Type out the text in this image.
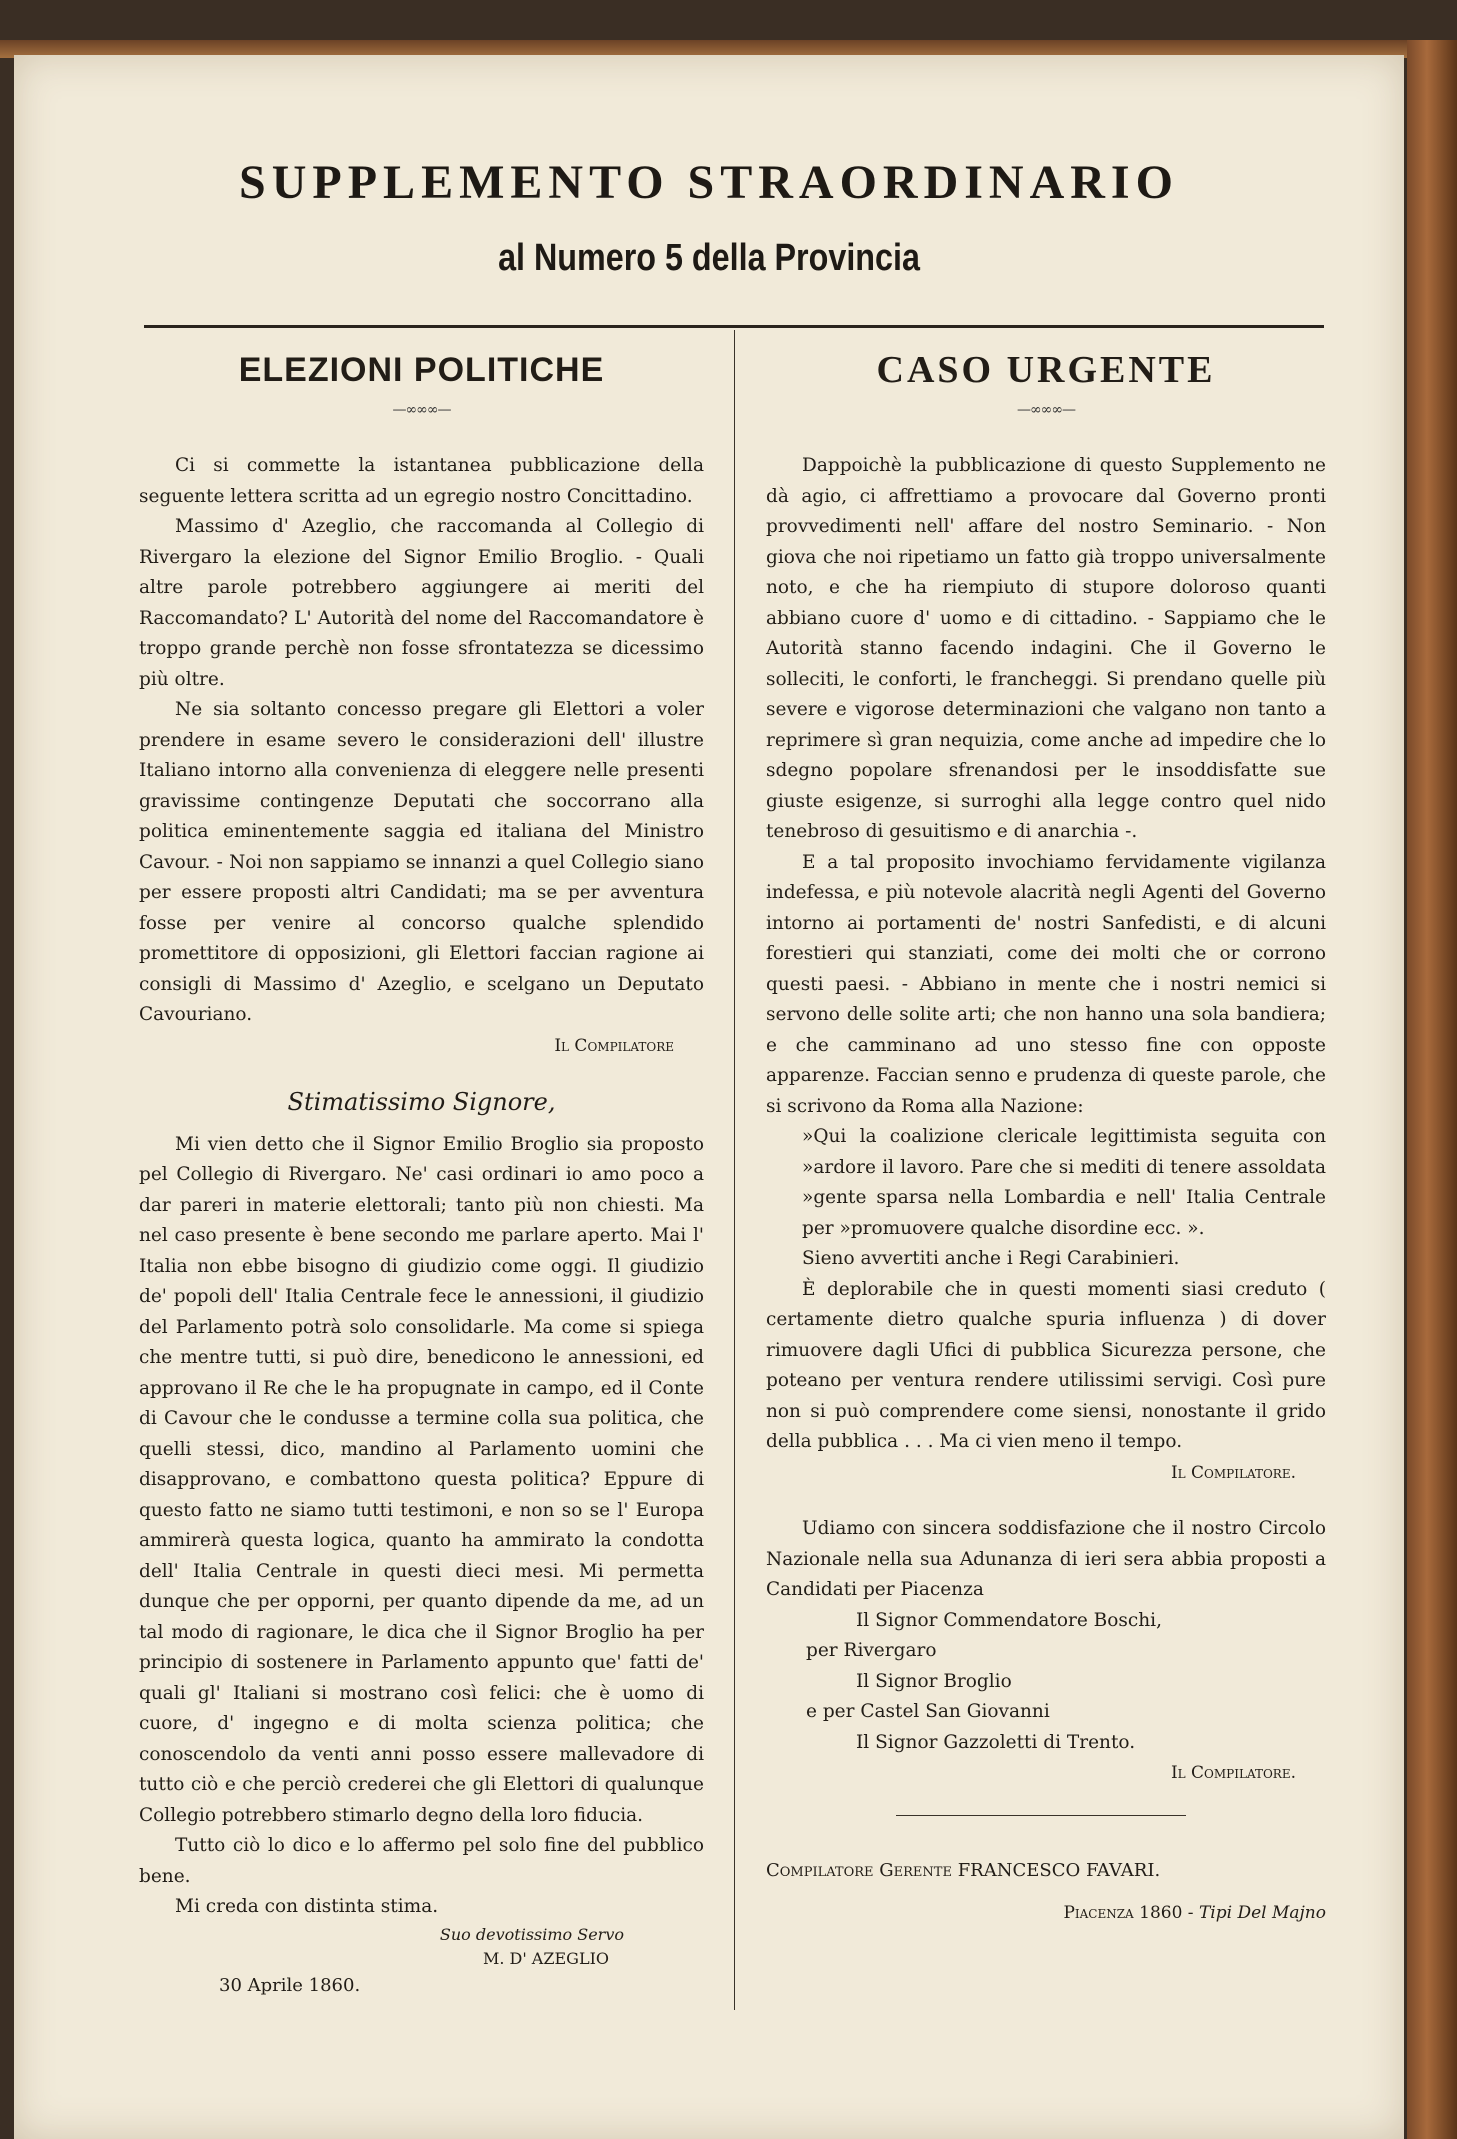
SUPPLEMENTO STRAORDINARIO
al Numero 5 della Provincia
ELEZIONI POLITICHE
—∞∞∞—

Ci si commette la istantanea pubblicazione della seguente lettera scritta ad un egregio nostro Concittadino.

Massimo d' Azeglio, che raccomanda al Collegio di Rivergaro la elezione del Signor Emilio Broglio. - Quali altre parole potrebbero aggiungere ai meriti del Raccomandato? L' Autorità del nome del Raccomandatore è troppo grande perchè non fosse sfrontatezza se dicessimo più oltre.

Ne sia soltanto concesso pregare gli Elettori a voler prendere in esame severo le considerazioni dell' illustre Italiano intorno alla convenienza di eleggere nelle presenti gravissime contingenze Deputati che soccorrano alla politica eminentemente saggia ed italiana del Ministro Cavour. - Noi non sappiamo se innanzi a quel Collegio siano per essere proposti altri Candidati; ma se per avventura fosse per venire al concorso qualche splendido promettitore di opposizioni, gli Elettori faccian ragione ai consigli di Massimo d' Azeglio, e scelgano un Deputato Cavouriano.

Il Compilatore

Stimatissimo Signore,

Mi vien detto che il Signor Emilio Broglio sia proposto pel Collegio di Rivergaro. Ne' casi ordinari io amo poco a dar pareri in materie elettorali; tanto più non chiesti. Ma nel caso presente è bene secondo me parlare aperto. Mai l' Italia non ebbe bisogno di giudizio come oggi. Il giudizio de' popoli dell' Italia Centrale fece le annessioni, il giudizio del Parlamento potrà solo consolidarle. Ma come si spiega che mentre tutti, si può dire, benedicono le annessioni, ed approvano il Re che le ha propugnate in campo, ed il Conte di Cavour che le condusse a termine colla sua politica, che quelli stessi, dico, mandino al Parlamento uomini che disapprovano, e combattono questa politica? Eppure di questo fatto ne siamo tutti testimoni, e non so se l' Europa ammirerà questa logica, quanto ha ammirato la condotta dell' Italia Centrale in questi dieci mesi. Mi permetta dunque che per opporni, per quanto dipende da me, ad un tal modo di ragionare, le dica che il Signor Broglio ha per principio di sostenere in Parlamento appunto que' fatti de' quali gl' Italiani si mostrano così felici: che è uomo di cuore, d' ingegno e di molta scienza politica; che conoscendolo da venti anni posso essere mallevadore di tutto ciò e che perciò crederei che gli Elettori di qualunque Collegio potrebbero stimarlo degno della loro fiducia.

Tutto ciò lo dico e lo affermo pel solo fine del pubblico bene.

Mi creda con distinta stima.

Suo devotissimo Servo
M. D' AZEGLIO
30 Aprile 1860.
CASO URGENTE
—∞∞∞—

Dappoichè la pubblicazione di questo Supplemento ne dà agio, ci affrettiamo a provocare dal Governo pronti provvedimenti nell' affare del nostro Seminario. - Non giova che noi ripetiamo un fatto già troppo universalmente noto, e che ha riempiuto di stupore doloroso quanti abbiano cuore d' uomo e di cittadino. - Sappiamo che le Autorità stanno facendo indagini. Che il Governo le solleciti, le conforti, le francheggi. Si prendano quelle più severe e vigorose determinazioni che valgano non tanto a reprimere sì gran nequizia, come anche ad impedire che lo sdegno popolare sfrenandosi per le insoddisfatte sue giuste esigenze, si surroghi alla legge contro quel nido tenebroso di gesuitismo e di anarchia -.

E a tal proposito invochiamo fervidamente vigilanza indefessa, e più notevole alacrità negli Agenti del Governo intorno ai portamenti de' nostri Sanfedisti, e di alcuni forestieri qui stanziati, come dei molti che or corrono questi paesi. - Abbiano in mente che i nostri nemici si servono delle solite arti; che non hanno una sola bandiera; e che camminano ad uno stesso fine con opposte apparenze. Faccian senno e prudenza di queste parole, che si scrivono da Roma alla Nazione:

»Qui la coalizione clericale legittimista seguita con »ardore il lavoro. Pare che si mediti di tenere assoldata »gente sparsa nella Lombardia e nell' Italia Centrale per »promuovere qualche disordine ecc. ».

Sieno avvertiti anche i Regi Carabinieri.

È deplorabile che in questi momenti siasi creduto ( certamente dietro qualche spuria influenza ) di dover rimuovere dagli Ufici di pubblica Sicurezza persone, che poteano per ventura rendere utilissimi servigi. Così pure non si può comprendere come siensi, nonostante il grido della pubblica . . . Ma ci vien meno il tempo.

Il Compilatore.

Udiamo con sincera soddisfazione che il nostro Circolo Nazionale nella sua Adunanza di ieri sera abbia proposti a Candidati per Piacenza

Il Signor Commendatore Boschi,
per Rivergaro
Il Signor Broglio
e per Castel San Giovanni
Il Signor Gazzoletti di Trento.
Il Compilatore.
Compilatore Gerente FRANCESCO FAVARI.
Piacenza 1860 - Tipi Del Majno
